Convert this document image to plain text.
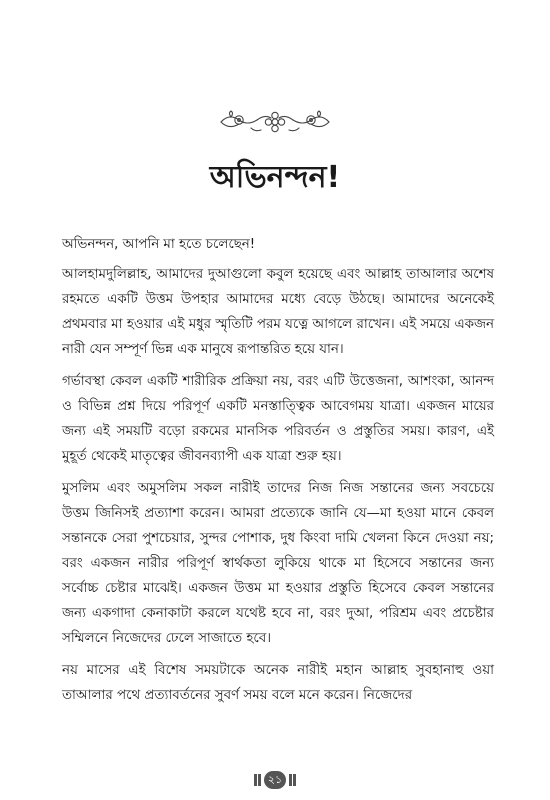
অভিনন্দন!

অভিনন্দন, আপনি মা হতে চলেছেন!

আলহামদুলিল্লাহ, আমাদের দুআগুলো কবুল হয়েছে এবং আল্লাহ তাআলার অশেষ রহমতে একটি উত্তম উপহার আমাদের মধ্যে বেড়ে উঠছে। আমাদের অনেকেই প্রথমবার মা হওয়ার এই মধুর স্মৃতিটি পরম যত্নে আগলে রাখেন। এই সময়ে একজন নারী যেন সম্পূর্ণ ভিন্ন এক মানুষে রূপান্তরিত হয়ে যান।

গর্ভাবস্থা কেবল একটি শারীরিক প্রক্রিয়া নয়, বরং এটি উত্তেজনা, আশংকা, আনন্দ ও বিভিন্ন প্রশ্ন দিয়ে পরিপূর্ণ একটি মনস্তাত্ত্বিক আবেগময় যাত্রা। একজন মায়ের জন্য এই সময়টি বড়ো রকমের মানসিক পরিবর্তন ও প্রস্তুতির সময়। কারণ, এই মুহূর্ত থেকেই মাতৃত্বের জীবনব্যাপী এক যাত্রা শুরু হয়।

মুসলিম এবং অমুসলিম সকল নারীই তাদের নিজ নিজ সন্তানের জন্য সবচেয়ে উত্তম জিনিসই প্রত্যাশা করেন। আমরা প্রত্যেকে জানি যে—মা হওয়া মানে কেবল সন্তানকে সেরা পুশচেয়ার, সুন্দর পোশাক, দুধ কিংবা দামি খেলনা কিনে দেওয়া নয়; বরং একজন নারীর পরিপূর্ণ স্বার্থকতা লুকিয়ে থাকে মা হিসেবে সন্তানের জন্য সর্বোচ্চ চেষ্টার মাঝেই। একজন উত্তম মা হওয়ার প্রস্তুতি হিসেবে কেবল সন্তানের জন্য একগাদা কেনাকাটা করলে যথেষ্ট হবে না, বরং দুআ, পরিশ্রম এবং প্রচেষ্টার সম্মিলনে নিজেদের ঢেলে সাজাতে হবে।

নয় মাসের এই বিশেষ সময়টাকে অনেক নারীই মহান আল্লাহ সুবহানাহু ওয়া তাআলার পথে প্রত্যাবর্তনের সুবর্ণ সময় বলে মনে করেন। নিজেদের

২১
